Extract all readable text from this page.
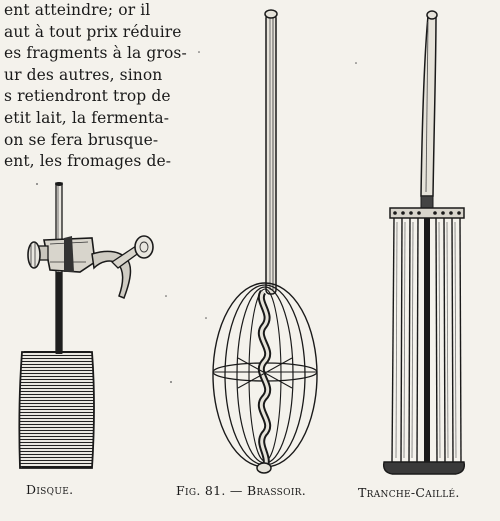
ent atteindre; or il
aut à tout prix réduire
es fragments à la gros-
ur des autres, sinon
s retiendront trop de
etit lait, la fermenta-
on se fera brusque-
ent, les fromages de-
Disque.	Fig. 81. — Brassoir.	Tranche-Caillé.
